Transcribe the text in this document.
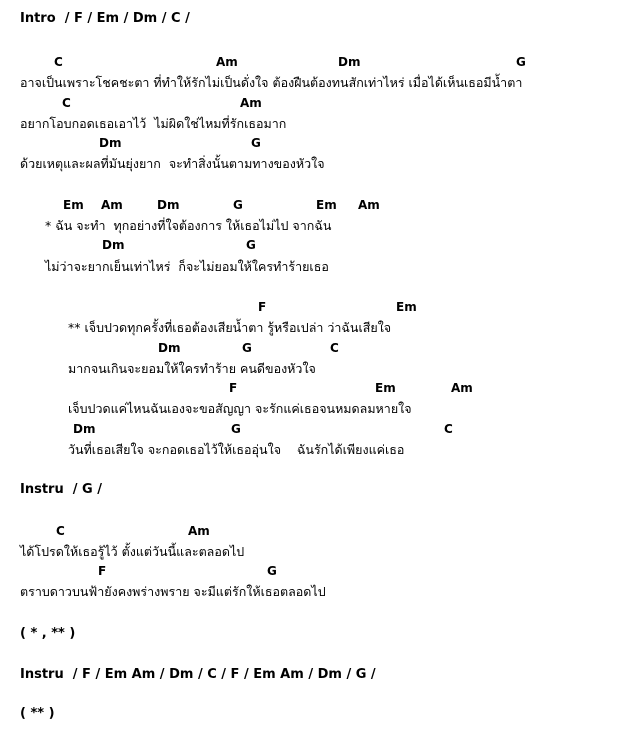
Intro  / F / Em / Dm / C /
C	Am	Dm	G
อาจเป็นเพราะโชคชะตา ที่ทำให้รักไม่เป็นดั่งใจ ต้องฝืนต้องทนสักเท่าไหร่ เมื่อได้เห็นเธอมีน้ำตา
C	Am
อยากโอบกอดเธอเอาไว้  ไม่ผิดใช่ไหมที่รักเธอมาก
Dm	G
ด้วยเหตุและผลที่มันยุ่งยาก  จะทำสิ่งนั้นตามทางของหัวใจ
Em Am	Dm	G	Em Am
* ฉัน จะทำ  ทุกอย่างที่ใจต้องการ ให้เธอไม่ไป จากฉัน
Dm	G
ไม่ว่าจะยากเย็นเท่าไหร่  ก็จะไม่ยอมให้ใครทำร้ายเธอ
F	Em
** เจ็บปวดทุกครั้งที่เธอต้องเสียน้ำตา รู้หรือเปล่า ว่าฉันเสียใจ
Dm	G	C
มากจนเกินจะยอมให้ใครทำร้าย คนดีของหัวใจ
F	Em	Am
เจ็บปวดแค่ไหนฉันเองจะขอสัญญา จะรักแค่เธอจนหมดลมหายใจ
Dm	G	C
วันที่เธอเสียใจ จะกอดเธอไว้ให้เธออุ่นใจ    ฉันรักได้เพียงแค่เธอ
Instru  / G /
C	Am
ได้โปรดให้เธอรู้ไว้ ตั้งแต่วันนี้และตลอดไป
F	G
ตราบดาวบนฟ้ายังคงพร่างพราย จะมีแต่รักให้เธอตลอดไป
( * , ** )
Instru  / F / Em Am / Dm / C / F / Em Am / Dm / G /
( ** )
